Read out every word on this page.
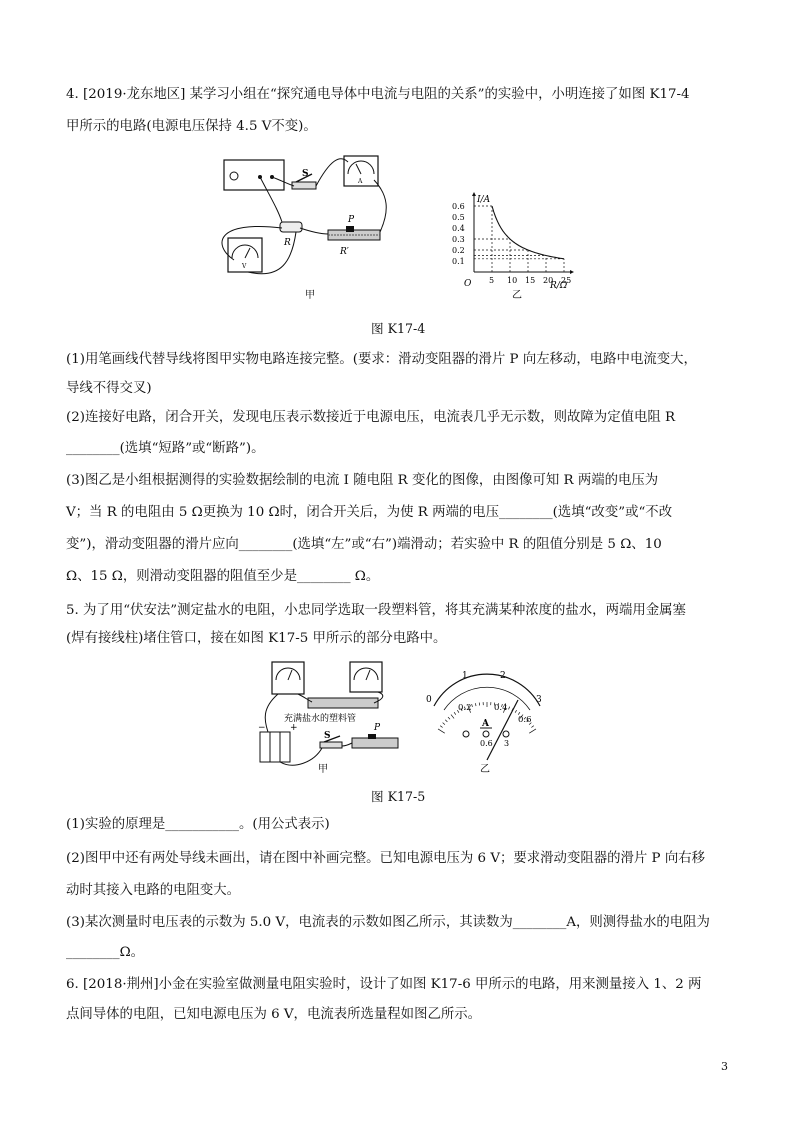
4. [2019·龙东地区] 某学习小组在“探究通电导体中电流与电阻的关系”的实验中，小明连接了如图 K17-4
甲所示的电路(电源电压保持 4.5 V不变)。
S
A
R
P
R′
V
甲
I/A
R/Ω
O
0.6
0.5
0.4
0.3
0.2
0.1
5 10 15 20 25
乙
图 K17-4
(1)用笔画线代替导线将图甲实物电路连接完整。(要求：滑动变阻器的滑片 P 向左移动，电路中电流变大，
导线不得交叉)
(2)连接好电路，闭合开关，发现电压表示数接近于电源电压，电流表几乎无示数，则故障为定值电阻 R
________(选填“短路”或“断路”)。
(3)图乙是小组根据测得的实验数据绘制的电流 I 随电阻 R 变化的图像，由图像可知 R 两端的电压为
V；当 R 的电阻由 5 Ω更换为 10 Ω时，闭合开关后，为使 R 两端的电压________(选填“改变”或“不改
变”)，滑动变阻器的滑片应向________(选填“左”或“右”)端滑动；若实验中 R 的阻值分别是 5 Ω、10
Ω、15 Ω，则滑动变阻器的阻值至少是________ Ω。
5. 为了用“伏安法”测定盐水的电阻，小忠同学选取一段塑料管，将其充满某种浓度的盐水，两端用金属塞
(焊有接线柱)堵住管口，接在如图 K17-5 甲所示的部分电路中。
充满盐水的塑料管
−	+
S
P
甲
0
1	2
3
0.2	0.4
0.6
A
0.6 3
乙
图 K17-5
(1)实验的原理是___________。(用公式表示)
(2)图甲中还有两处导线未画出，请在图中补画完整。已知电源电压为 6 V；要求滑动变阻器的滑片 P 向右移
动时其接入电路的电阻变大。
(3)某次测量时电压表的示数为 5.0 V，电流表的示数如图乙所示，其读数为________A，则测得盐水的电阻为
________Ω。
6. [2018·荆州]小金在实验室做测量电阻实验时，设计了如图 K17-6 甲所示的电路，用来测量接入 1、2 两
点间导体的电阻，已知电源电压为 6 V，电流表所选量程如图乙所示。
3
